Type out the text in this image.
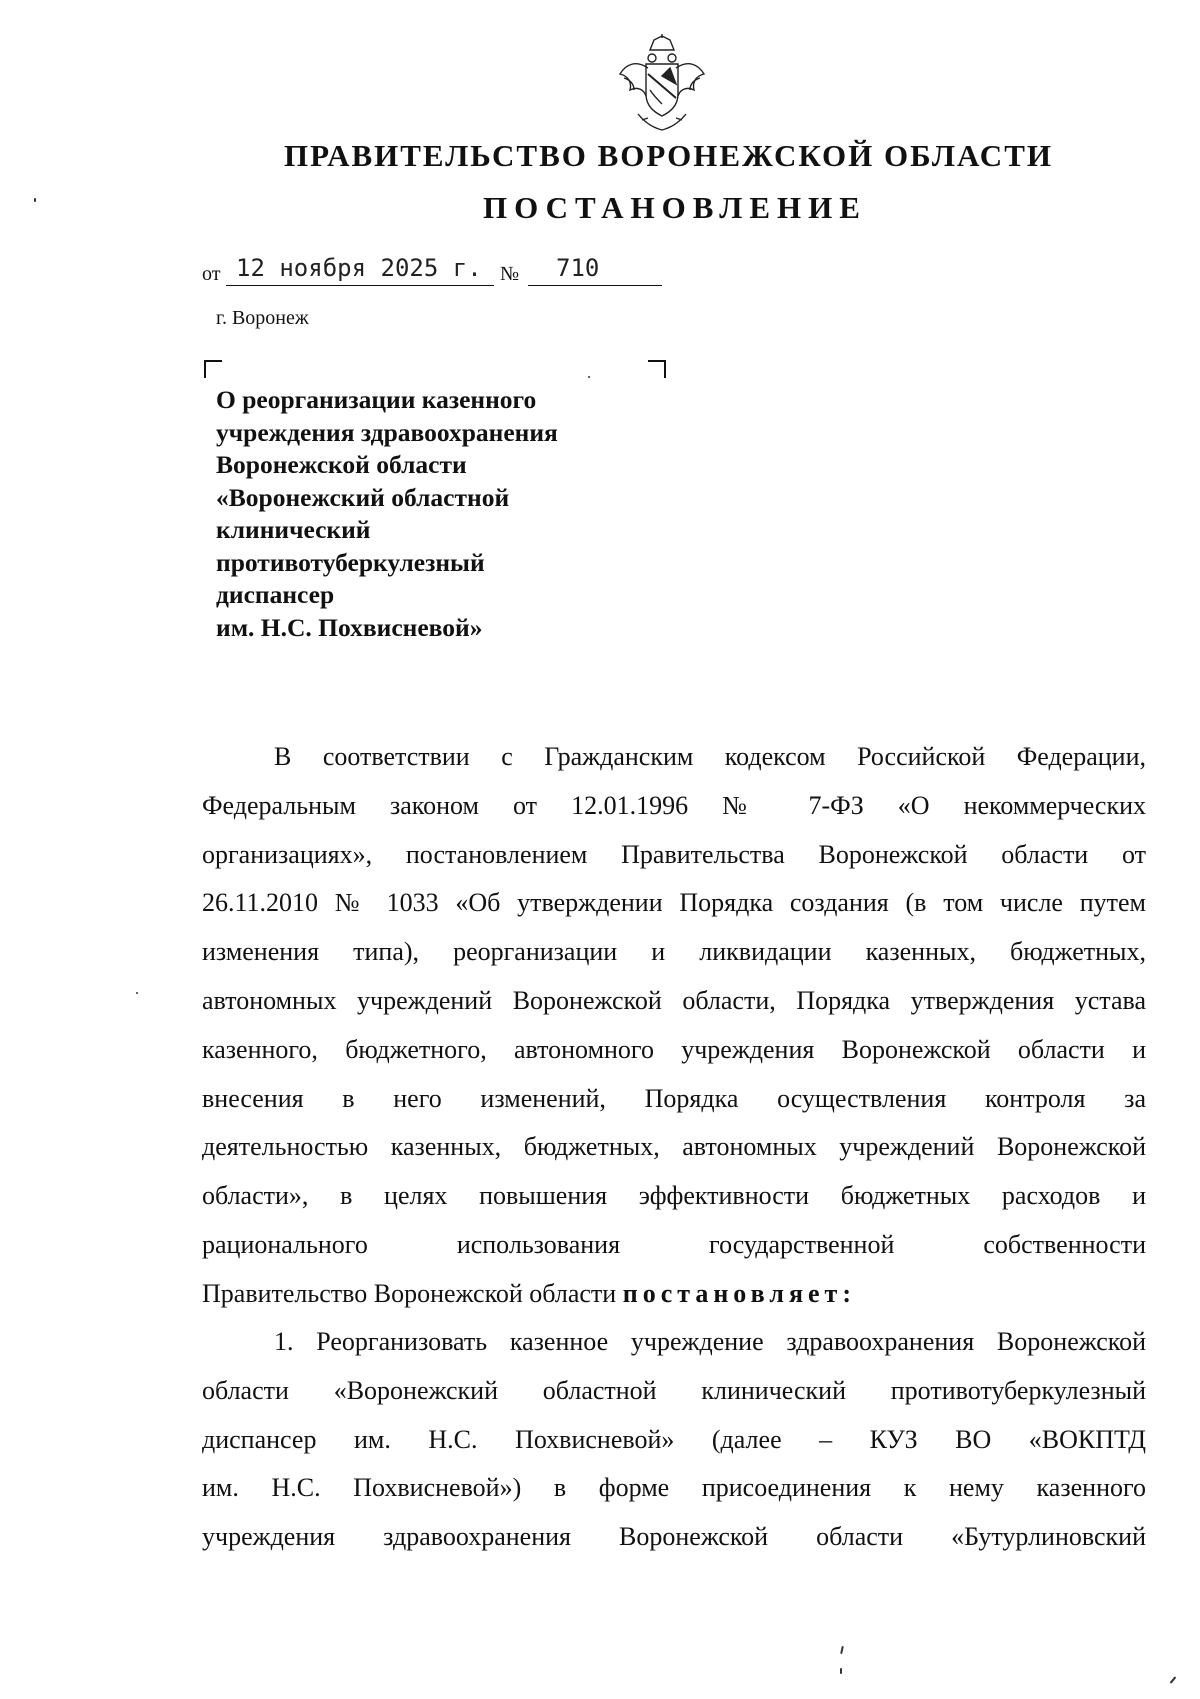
ПРАВИТЕЛЬСТВО ВОРОНЕЖСКОЙ ОБЛАСТИ
ПОСТАНОВЛЕНИЕ
от 12 ноября 2025 г. № 710
г. Воронеж
О реорганизации казенного
учреждения здравоохранения
Воронежской области
«Воронежский областной
клинический
противотуберкулезный
диспансер
им. Н.С. Похвисневой»
В соответствии с Гражданским кодексом Российской Федерации,
Федеральным законом от 12.01.1996 № 7-ФЗ «О некоммерческих
организациях», постановлением Правительства Воронежской области от
26.11.2010 № 1033 «Об утверждении Порядка создания (в том числе путем
изменения типа), реорганизации и ликвидации казенных, бюджетных,
автономных учреждений Воронежской области, Порядка утверждения устава
казенного, бюджетного, автономного учреждения Воронежской области и
внесения в него изменений, Порядка осуществления контроля за
деятельностью казенных, бюджетных, автономных учреждений Воронежской
области», в целях повышения эффективности бюджетных расходов и
рационального использования государственной собственности
Правительство Воронежской области постановляет:
1. Реорганизовать казенное учреждение здравоохранения Воронежской
области «Воронежский областной клинический противотуберкулезный
диспансер им. Н.С. Похвисневой» (далее – КУЗ ВО «ВОКПТД
им. Н.С. Похвисневой») в форме присоединения к нему казенного
учреждения здравоохранения Воронежской области «Бутурлиновский
